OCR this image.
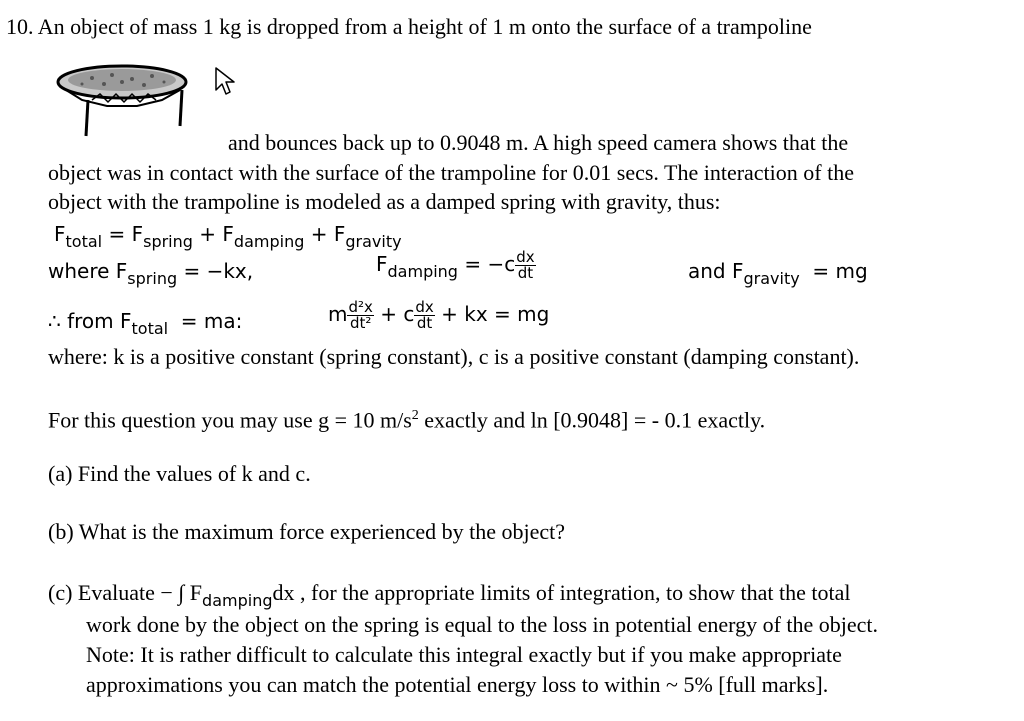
10. An object of mass 1 kg is dropped from a height of 1 m onto the surface of a trampoline
and bounces back up to 0.9048 m. A high speed camera shows that the
object was in contact with the surface of the trampoline for 0.01 secs. The interaction of the
object with the trampoline is modeled as a damped spring with gravity, thus:
$F_{total} = F_{spring} + F_{damping} + F_{gravity}$
where $F_{spring} = -kx$,	$F_{damping} = -c \frac{dx}{dt}$	and $F_{gravity}$  = mg
∴ from $F_{total}$  = ma:	m $\frac{\text{d²x}}{\text{dt²}} + c \frac{dx}{dt}$ + kx = mg
where: k is a positive constant (spring constant), c is a positive constant (damping constant).
For this question you may use g = 10 $m/s^2$ exactly and ln [0.9048] = - 0.1 exactly.
(a) Find the values of k and c.
(b) What is the maximum force experienced by the object?
(c) Evaluate − ∫ $F_{damping}dx$ , for the appropriate limits of integration, to show that the total
work done by the object on the spring is equal to the loss in potential energy of the object.
Note: It is rather difficult to calculate this integral exactly but if you make appropriate
approximations you can match the potential energy loss to within ~ 5% [full marks].
